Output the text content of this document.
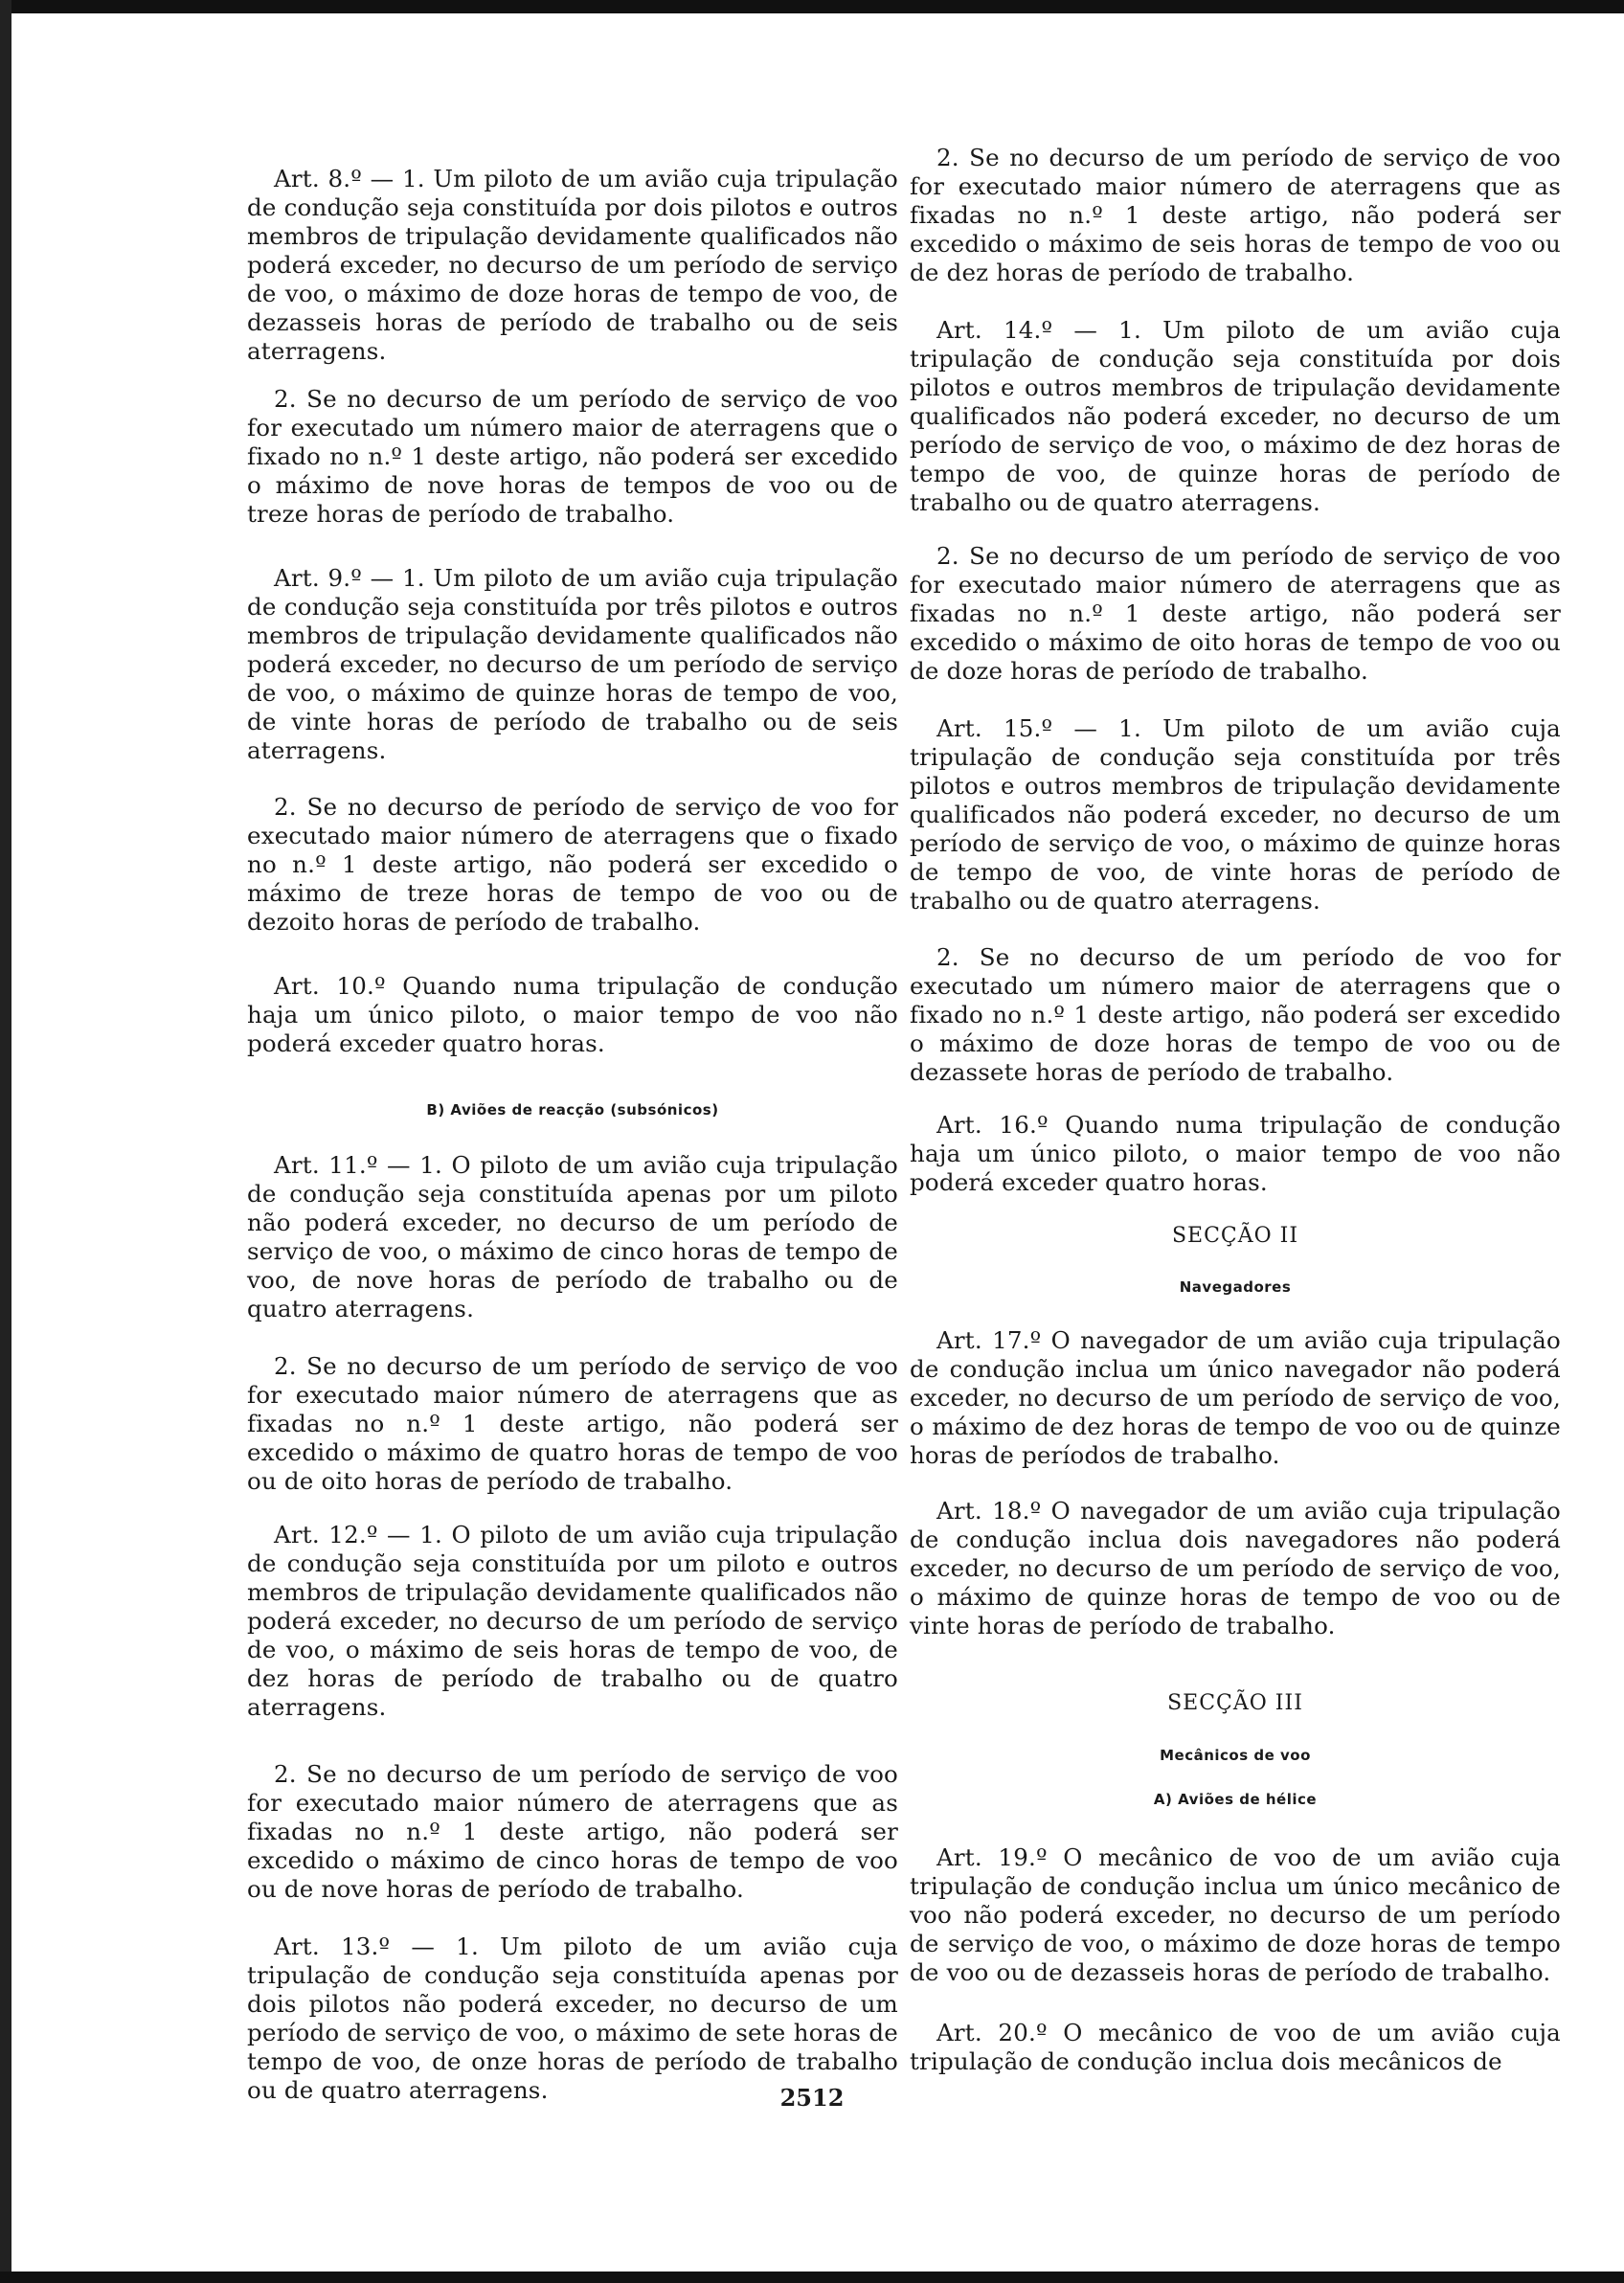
Art. 8.º — 1. Um piloto de um avião cuja tripulação de condução seja constituída por dois pilotos e outros membros de tripulação devidamente qualificados não poderá exceder, no decurso de um período de serviço de voo, o máximo de doze horas de tempo de voo, de dezasseis horas de período de trabalho ou de seis aterragens.

2. Se no decurso de um período de serviço de voo for executado um número maior de aterragens que o fixado no n.º 1 deste artigo, não poderá ser excedido o máximo de nove horas de tempos de voo ou de treze horas de período de trabalho.

Art. 9.º — 1. Um piloto de um avião cuja tripulação de condução seja constituída por três pilotos e outros membros de tripulação devidamente qualificados não poderá exceder, no decurso de um período de serviço de voo, o máximo de quinze horas de tempo de voo, de vinte horas de período de trabalho ou de seis aterragens.

2. Se no decurso de período de serviço de voo for executado maior número de aterragens que o fixado no n.º 1 deste artigo, não poderá ser excedido o máximo de treze horas de tempo de voo ou de dezoito horas de período de trabalho.

Art. 10.º Quando numa tripulação de condução haja um único piloto, o maior tempo de voo não poderá exceder quatro horas.

B) Aviões de reacção (subsónicos)

Art. 11.º — 1. O piloto de um avião cuja tripulação de condução seja constituída apenas por um piloto não poderá exceder, no decurso de um período de serviço de voo, o máximo de cinco horas de tempo de voo, de nove horas de período de trabalho ou de quatro aterragens.

2. Se no decurso de um período de serviço de voo for executado maior número de aterragens que as fixadas no n.º 1 deste artigo, não poderá ser excedido o máximo de quatro horas de tempo de voo ou de oito horas de período de trabalho.

Art. 12.º — 1. O piloto de um avião cuja tripulação de condução seja constituída por um piloto e outros membros de tripulação devidamente qualificados não poderá exceder, no decurso de um período de serviço de voo, o máximo de seis horas de tempo de voo, de dez horas de período de trabalho ou de quatro aterragens.

2. Se no decurso de um período de serviço de voo for executado maior número de aterragens que as fixadas no n.º 1 deste artigo, não poderá ser excedido o máximo de cinco horas de tempo de voo ou de nove horas de período de trabalho.

Art. 13.º — 1. Um piloto de um avião cuja tripulação de condução seja constituída apenas por dois pilotos não poderá exceder, no decurso de um período de serviço de voo, o máximo de sete horas de tempo de voo, de onze horas de período de trabalho ou de quatro aterragens.

2. Se no decurso de um período de serviço de voo for executado maior número de aterragens que as fixadas no n.º 1 deste artigo, não poderá ser excedido o máximo de seis horas de tempo de voo ou de dez horas de período de trabalho.

Art. 14.º — 1. Um piloto de um avião cuja tripulação de condução seja constituída por dois pilotos e outros membros de tripulação devidamente qualificados não poderá exceder, no decurso de um período de serviço de voo, o máximo de dez horas de tempo de voo, de quinze horas de período de trabalho ou de quatro aterragens.

2. Se no decurso de um período de serviço de voo for executado maior número de aterragens que as fixadas no n.º 1 deste artigo, não poderá ser excedido o máximo de oito horas de tempo de voo ou de doze horas de período de trabalho.

Art. 15.º — 1. Um piloto de um avião cuja tripulação de condução seja constituída por três pilotos e outros membros de tripulação devidamente qualificados não poderá exceder, no decurso de um período de serviço de voo, o máximo de quinze horas de tempo de voo, de vinte horas de período de trabalho ou de quatro aterragens.

2. Se no decurso de um período de voo for executado um número maior de aterragens que o fixado no n.º 1 deste artigo, não poderá ser excedido o máximo de doze horas de tempo de voo ou de dezassete horas de período de trabalho.

Art. 16.º Quando numa tripulação de condução haja um único piloto, o maior tempo de voo não poderá exceder quatro horas.

SECÇÃO II
Navegadores

Art. 17.º O navegador de um avião cuja tripulação de condução inclua um único navegador não poderá exceder, no decurso de um período de serviço de voo, o máximo de dez horas de tempo de voo ou de quinze horas de períodos de trabalho.

Art. 18.º O navegador de um avião cuja tripulação de condução inclua dois navegadores não poderá exceder, no decurso de um período de serviço de voo, o máximo de quinze horas de tempo de voo ou de vinte horas de período de trabalho.

SECÇÃO III
Mecânicos de voo
A) Aviões de hélice

Art. 19.º O mecânico de voo de um avião cuja tripulação de condução inclua um único mecânico de voo não poderá exceder, no decurso de um período de serviço de voo, o máximo de doze horas de tempo de voo ou de dezasseis horas de período de trabalho.

Art. 20.º O mecânico de voo de um avião cuja tripulação de condução inclua dois mecânicos de

2512
